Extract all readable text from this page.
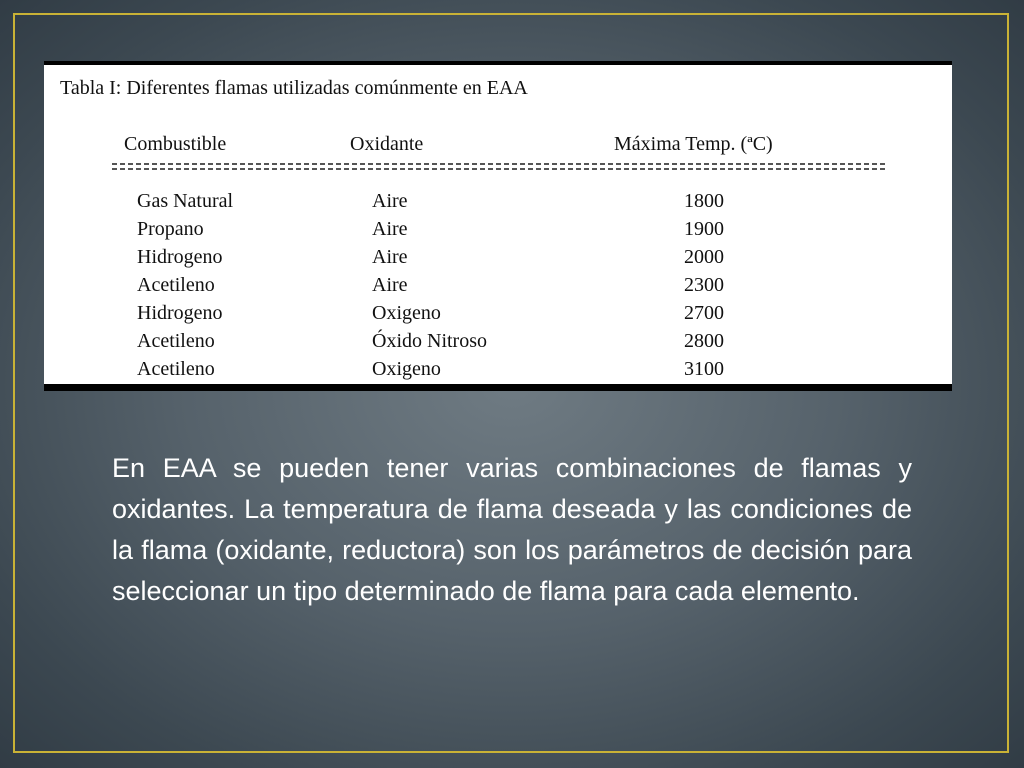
Tabla I: Diferentes flamas utilizadas comúnmente en EAA
Combustible	Oxidante	Máxima Temp. (ªC)
Gas Natural	Aire	1800
Propano	Aire	1900
Hidrogeno	Aire	2000
Acetileno	Aire	2300
Hidrogeno	Oxigeno	2700
Acetileno	Óxido Nitroso	2800
Acetileno	Oxigeno	3100

En EAA se pueden tener varias combinaciones de flamas y oxidantes. La temperatura de flama deseada y las condiciones de la flama (oxidante, reductora) son los parámetros de decisión para seleccionar un tipo determinado de flama para cada elemento.
